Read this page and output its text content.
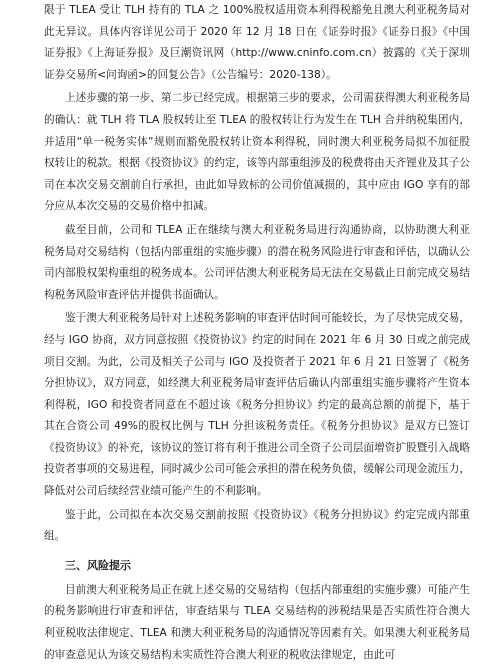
限于 TLEA 受让 TLH 持有的 TLA 之 100%股权适用资本利得税豁免且澳大利亚税务局对此无异议。具体内容详见公司于 2020 年 12 月 18 日在《证券时报》《证券日报》《中国证券报》《上海证券报》及巨潮资讯网（http://www.cninfo.com.cn）披露的《关于深圳证券交易所<问询函>的回复公告》（公告编号：2020-138）。

上述步骤的第一步、第二步已经完成。根据第三步的要求，公司需获得澳大利亚税务局的确认：就 TLH 将 TLA 股权转让至 TLEA 的股权转让行为发生在 TLH 合并纳税集团内，并适用“单一税务实体”规则而豁免股权转让资本利得税，同时澳大利亚税务局拟不加征股权转让的税款。根据《投资协议》的约定，该等内部重组涉及的税费将由天齐锂业及其子公司在本次交易交割前自行承担，由此如导致标的公司价值减损的，其中应由 IGO 享有的部分应从本次交易的交易价格中扣减。

截至目前，公司和 TLEA 正在继续与澳大利亚税务局进行沟通协商，以协助澳大利亚税务局对交易结构（包括内部重组的实施步骤）的潜在税务风险进行审查和评估，以确认公司内部股权架构重组的税务成本。公司评估澳大利亚税务局无法在交易截止日前完成交易结构税务风险审查评估并提供书面确认。

鉴于澳大利亚税务局针对上述税务影响的审查评估时间可能较长，为了尽快完成交易，经与 IGO 协商，双方同意按照《投资协议》约定的时间在 2021 年 6 月 30 日或之前完成项目交割。为此，公司及相关子公司与 IGO 及投资者于 2021 年 6 月 21 日签署了《税务分担协议》，双方同意，如经澳大利亚税务局审查评估后确认内部重组实施步骤将产生资本利得税，IGO 和投资者同意在不超过该《税务分担协议》约定的最高总额的前提下，基于其在合资公司 49%的股权比例与 TLH 分担该税务责任。《税务分担协议》是双方已签订《投资协议》的补充，该协议的签订将有利于推进公司全资子公司层面增资扩股暨引入战略投资者事项的交易进程，同时减少公司可能会承担的潜在税务负债，缓解公司现金流压力，降低对公司后续经营业绩可能产生的不利影响。

鉴于此，公司拟在本次交易交割前按照《投资协议》《税务分担协议》约定完成内部重组。

三、风险提示

目前澳大利亚税务局正在就上述交易的交易结构（包括内部重组的实施步骤）可能产生的税务影响进行审查和评估，审查结果与 TLEA 交易结构的涉税结果是否实质性符合澳大利亚税收法律规定、TLEA 和澳大利亚税务局的沟通情况等因素有关。如果澳大利亚税务局的审查意见认为该交易结构未实质性符合澳大利亚的税收法律规定，由此可
